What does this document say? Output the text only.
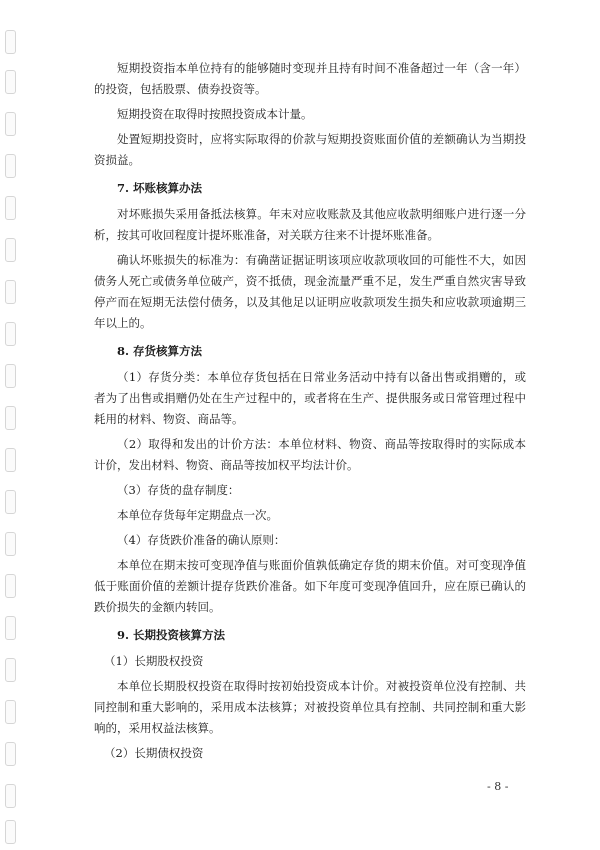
短期投资指本单位持有的能够随时变现并且持有时间不准备超过一年（含一年）的投资，包括股票、债券投资等。

短期投资在取得时按照投资成本计量。

处置短期投资时，应将实际取得的价款与短期投资账面价值的差额确认为当期投资损益。

7. 坏账核算办法

对坏账损失采用备抵法核算。年末对应收账款及其他应收款明细账户进行逐一分析，按其可收回程度计提坏账准备，对关联方往来不计提坏账准备。

确认坏账损失的标准为：有确凿证据证明该项应收款项收回的可能性不大，如因债务人死亡或债务单位破产，资不抵债，现金流量严重不足，发生严重自然灾害导致停产而在短期无法偿付债务，以及其他足以证明应收款项发生损失和应收款项逾期三年以上的。

8. 存货核算方法

（1）存货分类：本单位存货包括在日常业务活动中持有以备出售或捐赠的，或者为了出售或捐赠仍处在生产过程中的，或者将在生产、提供服务或日常管理过程中耗用的材料、物资、商品等。

（2）取得和发出的计价方法：本单位材料、物资、商品等按取得时的实际成本计价，发出材料、物资、商品等按加权平均法计价。

（3）存货的盘存制度：

本单位存货每年定期盘点一次。

（4）存货跌价准备的确认原则：

本单位在期末按可变现净值与账面价值孰低确定存货的期末价值。对可变现净值低于账面价值的差额计提存货跌价准备。如下年度可变现净值回升，应在原已确认的跌价损失的金额内转回。

9. 长期投资核算方法

（1）长期股权投资

本单位长期股权投资在取得时按初始投资成本计价。对被投资单位没有控制、共同控制和重大影响的，采用成本法核算；对被投资单位具有控制、共同控制和重大影响的，采用权益法核算。

（2）长期债权投资

- 8 -
